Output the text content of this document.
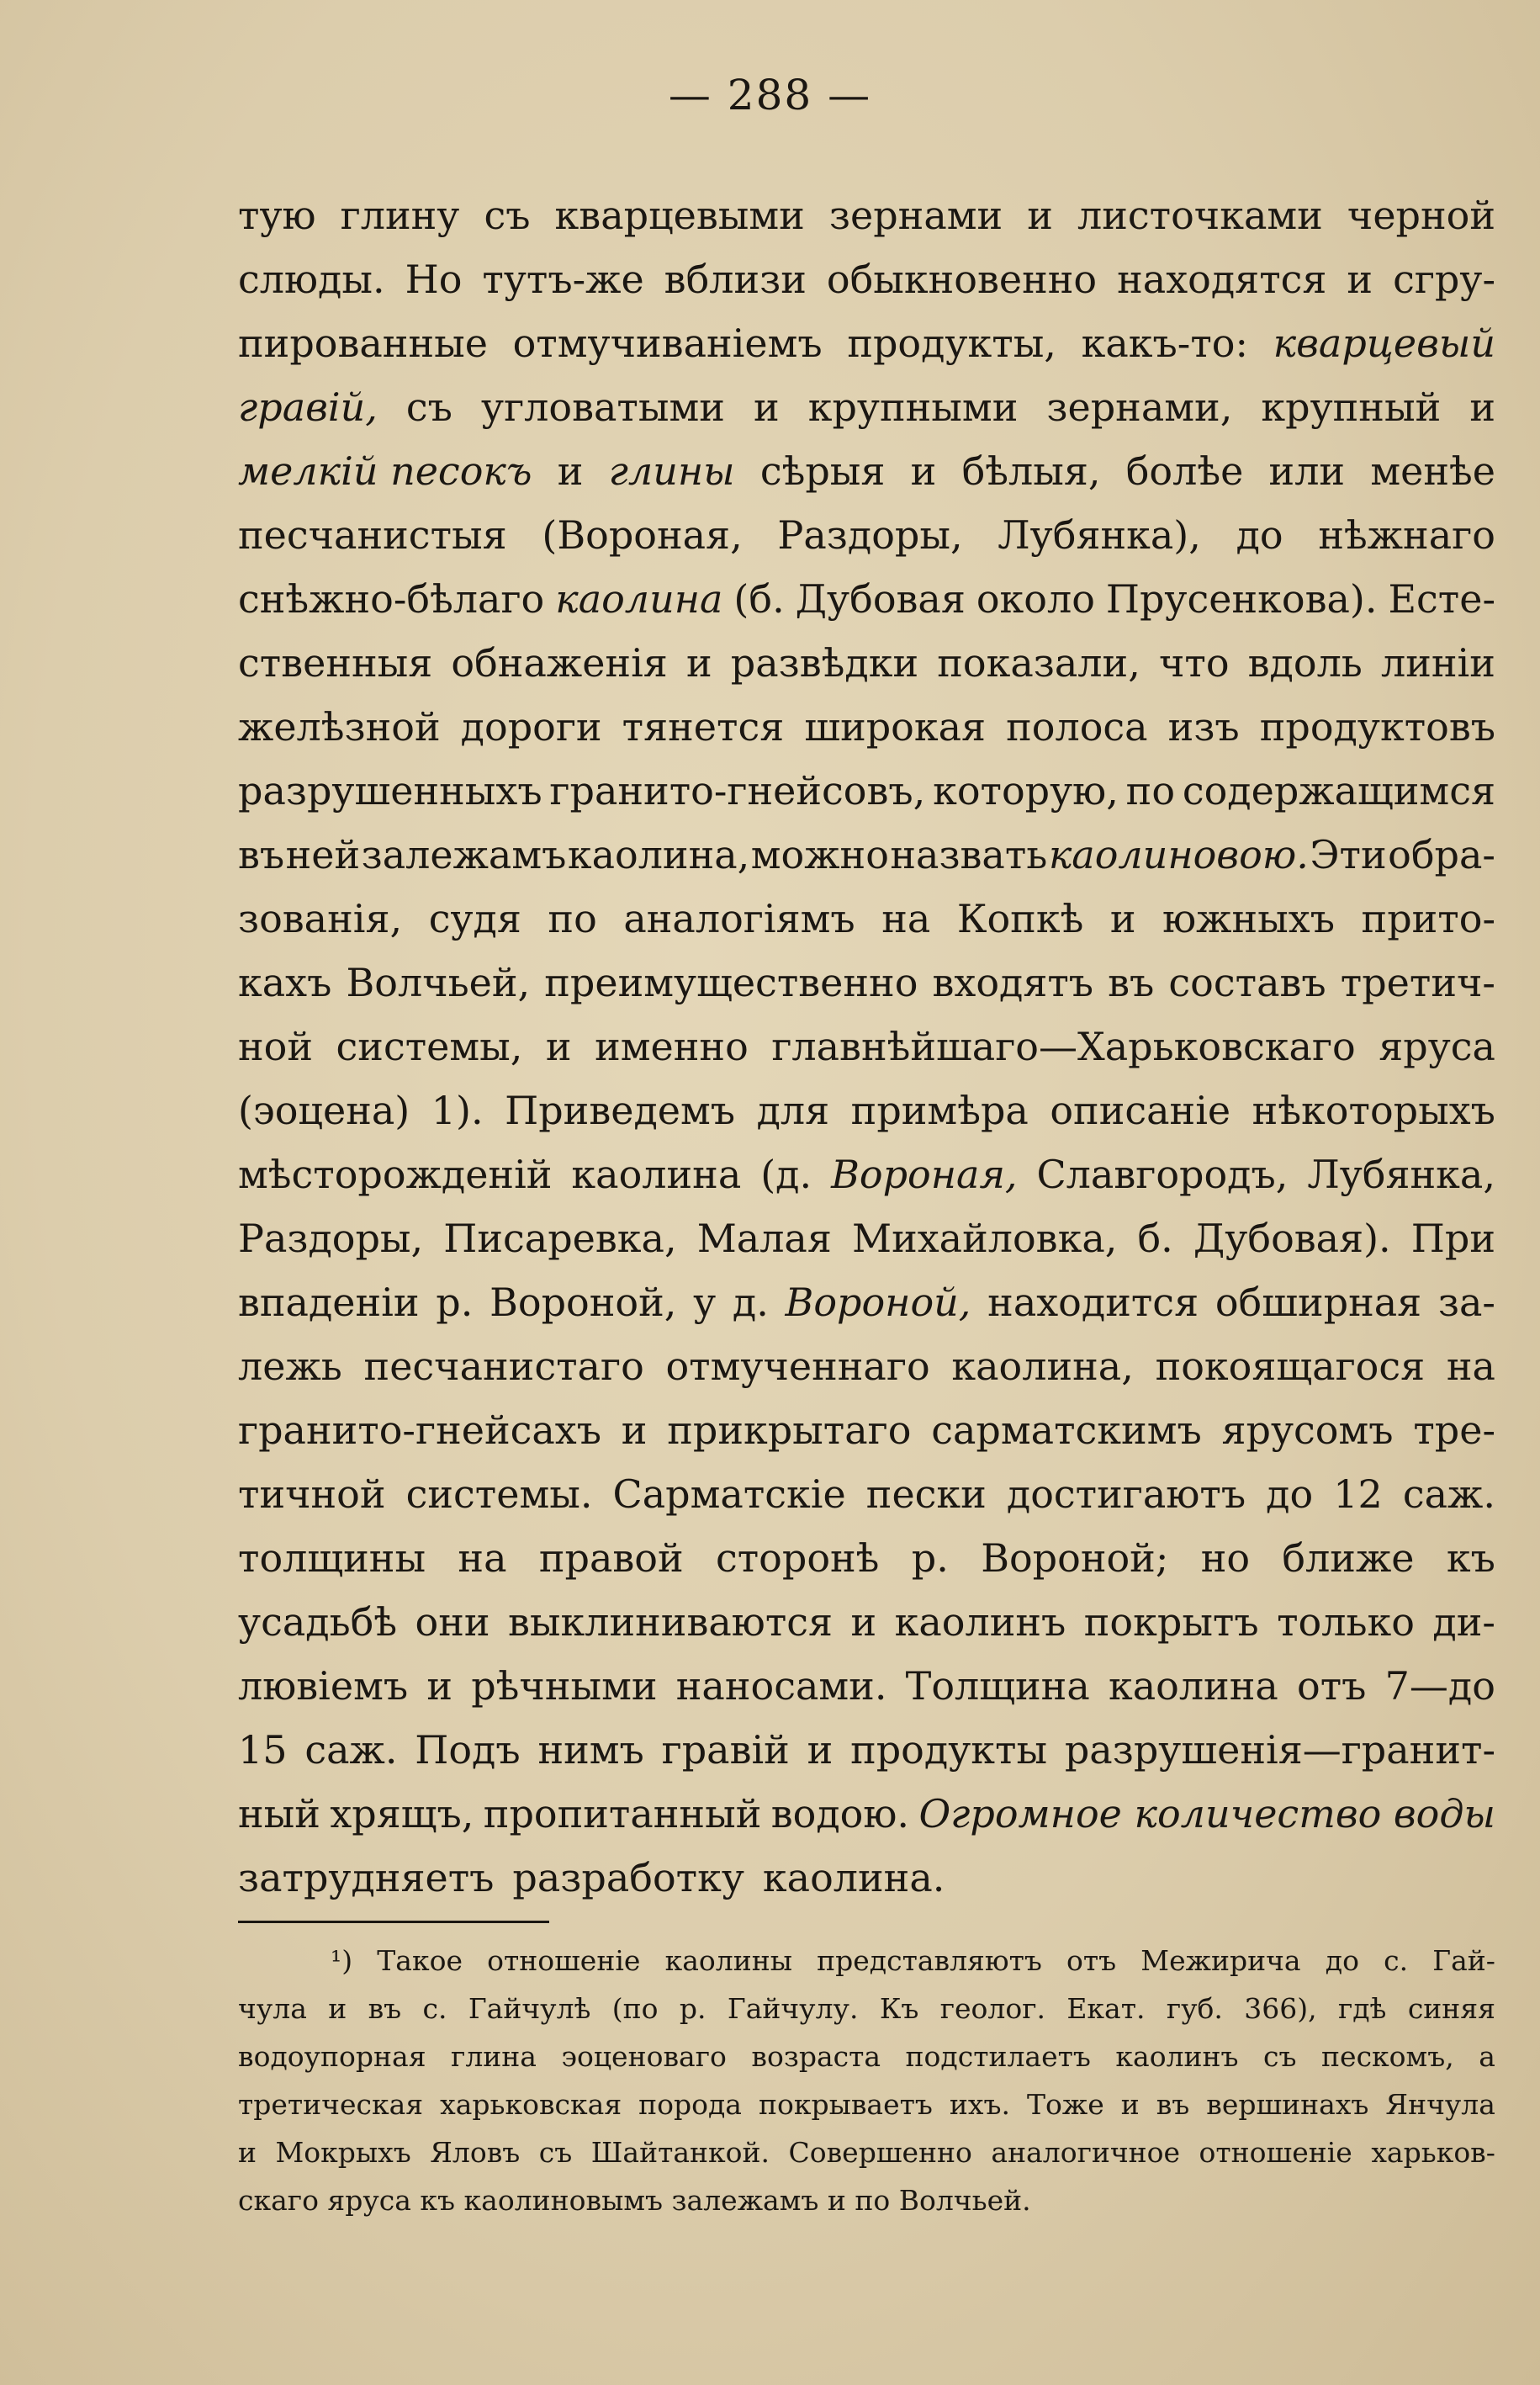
— 288 —
тую глину съ кварцевыми зернами и листочками черной
слюды. Но тутъ-же вблизи обыкновенно находятся и сгру-
пированные отмучиваніемъ продукты, какъ-то: кварцевый
гравій, съ угловатыми и крупными зернами, крупный и
мелкій песокъ и глины сѣрыя и бѣлыя, болѣе или менѣе
песчанистыя (Вороная, Раздоры, Лубянка), до нѣжнаго
снѣжно-бѣлаго каолина (б. Дубовая около Прусенкова). Есте-
ственныя обнаженія и развѣдки показали, что вдоль линіи
желѣзной дороги тянется широкая полоса изъ продуктовъ
разрушенныхъ гранито-гнейсовъ, которую, по содержащимся
въ ней залежамъ каолина, можно назвать каолиновою. Эти обра-
зованія, судя по аналогіямъ на Копкѣ и южныхъ прито-
кахъ Волчьей, преимущественно входятъ въ составъ третич-
ной системы, и именно главнѣйшаго—Харьковскаго яруса
(эоцена) 1). Приведемъ для примѣра описаніе нѣкоторыхъ
мѣсторожденій каолина (д. Вороная, Славгородъ, Лубянка,
Раздоры, Писаревка, Малая Михайловка, б. Дубовая). При
впаденіи р. Вороной, у д. Вороной, находится обширная за-
лежь песчанистаго отмученнаго каолина, покоящагося на
гранито-гнейсахъ и прикрытаго сарматскимъ ярусомъ тре-
тичной системы. Сарматскіе пески достигаютъ до 12 саж.
толщины на правой сторонѣ р. Вороной; но ближе къ
усадьбѣ они выклиниваются и каолинъ покрытъ только ди-
лювіемъ и рѣчными наносами. Толщина каолина отъ 7—до
15 саж. Подъ нимъ гравій и продукты разрушенія—гранит-
ный хрящъ, пропитанный водою. Огромное количество воды
затрудняетъ разработку каолина.
¹) Такое отношеніе каолины представляютъ отъ Межирича до с. Гай-
чула и въ с. Гайчулѣ (по р. Гайчулу. Къ геолог. Екат. губ. 366), гдѣ синяя
водоупорная глина эоценоваго возраста подстилаетъ каолинъ съ пескомъ, а
третическая харьковская порода покрываетъ ихъ. Тоже и въ вершинахъ Янчула
и Мокрыхъ Яловъ съ Шайтанкой. Совершенно аналогичное отношеніе харьков-
скаго яруса къ каолиновымъ залежамъ и по Волчьей.
